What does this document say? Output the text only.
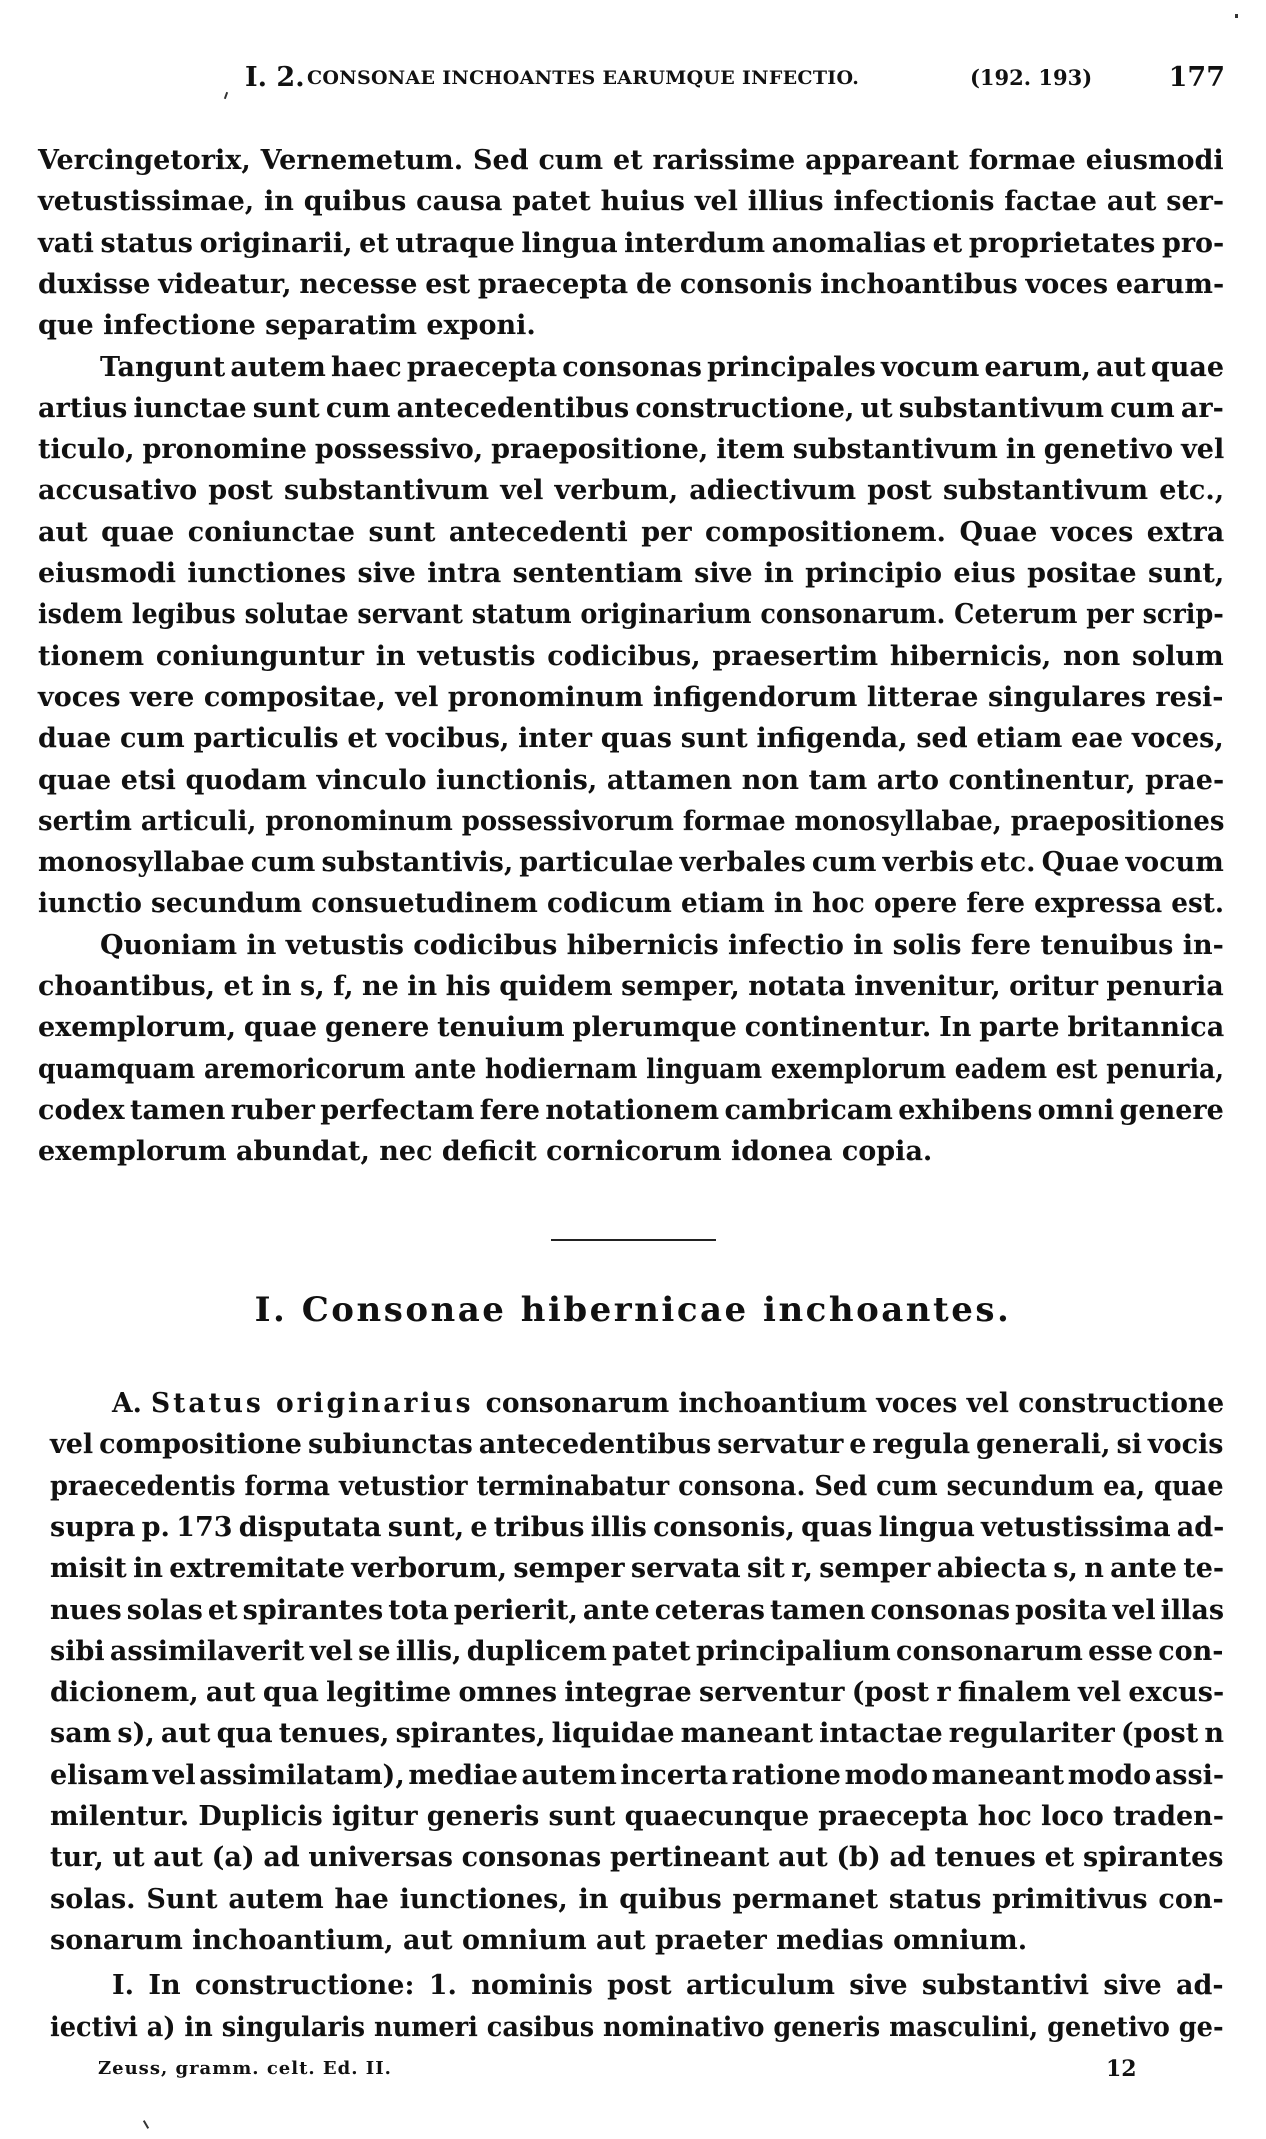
I. 2. CONSONAE INCHOANTES EARUMQUE INFECTIO.	(192. 193)	177
Vercingetorix, Vernemetum. Sed cum et rarissime appareant formae eiusmodi
vetustissimae, in quibus causa patet huius vel illius infectionis factae aut ser-
vati status originarii, et utraque lingua interdum anomalias et proprietates pro-
duxisse videatur, necesse est praecepta de consonis inchoantibus voces earum-
que infectione separatim exponi.
Tangunt autem haec praecepta consonas principales vocum earum, aut quae
artius iunctae sunt cum antecedentibus constructione, ut substantivum cum ar-
ticulo, pronomine possessivo, praepositione, item substantivum in genetivo vel
accusativo post substantivum vel verbum, adiectivum post substantivum etc.,
aut quae coniunctae sunt antecedenti per compositionem. Quae voces extra
eiusmodi iunctiones sive intra sententiam sive in principio eius positae sunt,
isdem legibus solutae servant statum originarium consonarum. Ceterum per scrip-
tionem coniunguntur in vetustis codicibus, praesertim hibernicis, non solum
voces vere compositae, vel pronominum infigendorum litterae singulares resi-
duae cum particulis et vocibus, inter quas sunt infigenda, sed etiam eae voces,
quae etsi quodam vinculo iunctionis, attamen non tam arto continentur, prae-
sertim articuli, pronominum possessivorum formae monosyllabae, praepositiones
monosyllabae cum substantivis, particulae verbales cum verbis etc. Quae vocum
iunctio secundum consuetudinem codicum etiam in hoc opere fere expressa est.
Quoniam in vetustis codicibus hibernicis infectio in solis fere tenuibus in-
choantibus, et in s, f, ne in his quidem semper, notata invenitur, oritur penuria
exemplorum, quae genere tenuium plerumque continentur. In parte britannica
quamquam aremoricorum ante hodiernam linguam exemplorum eadem est penuria,
codex tamen ruber perfectam fere notationem cambricam exhibens omni genere
exemplorum abundat, nec deficit cornicorum idonea copia.
I. Consonae hibernicae inchoantes.
A. Status originarius consonarum inchoantium voces vel constructione
vel compositione subiunctas antecedentibus servatur e regula generali, si vocis
praecedentis forma vetustior terminabatur consona. Sed cum secundum ea, quae
supra p. 173 disputata sunt, e tribus illis consonis, quas lingua vetustissima ad-
misit in extremitate verborum, semper servata sit r, semper abiecta s, n ante te-
nues solas et spirantes tota perierit, ante ceteras tamen consonas posita vel illas
sibi assimilaverit vel se illis, duplicem patet principalium consonarum esse con-
dicionem, aut qua legitime omnes integrae serventur (post r finalem vel excus-
sam s), aut qua tenues, spirantes, liquidae maneant intactae regulariter (post n
elisam vel assimilatam), mediae autem incerta ratione modo maneant modo assi-
milentur. Duplicis igitur generis sunt quaecunque praecepta hoc loco traden-
tur, ut aut (a) ad universas consonas pertineant aut (b) ad tenues et spirantes
solas. Sunt autem hae iunctiones, in quibus permanet status primitivus con-
sonarum inchoantium, aut omnium aut praeter medias omnium.
I. In constructione: 1. nominis post articulum sive substantivi sive ad-
iectivi a) in singularis numeri casibus nominativo generis masculini, genetivo ge-
Zeuss, gramm. celt. Ed. II.	12
